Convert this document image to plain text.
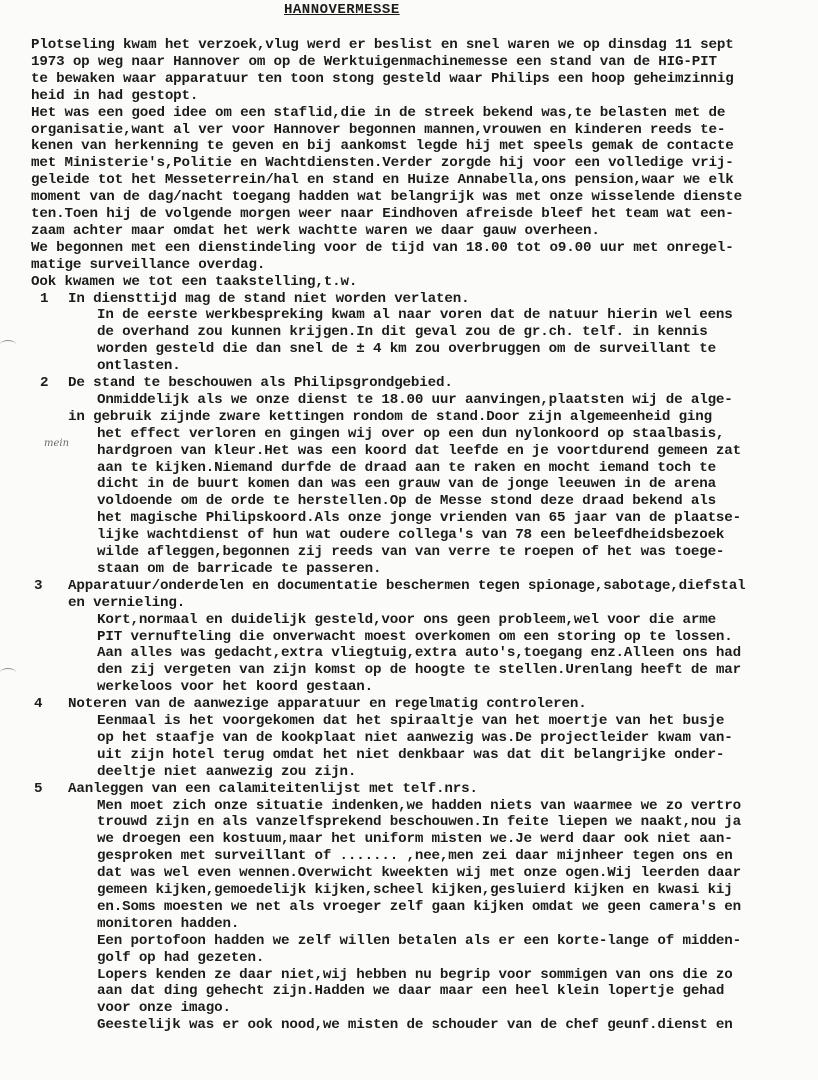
HANNOVERMESSE
mein
Plotseling kwam het verzoek,vlug werd er beslist en snel waren we op dinsdag 11 sept
1973 op weg naar Hannover om op de Werktuigenmachinemesse een stand van de HIG-PIT
te bewaken waar apparatuur ten toon stong gesteld waar Philips een hoop geheimzinnig
heid in had gestopt.
Het was een goed idee om een staflid,die in de streek bekend was,te belasten met de
organisatie,want al ver voor Hannover begonnen mannen,vrouwen en kinderen reeds te-
kenen van herkenning te geven en bij aankomst legde hij met speels gemak de contacte
met Ministerie's,Politie en Wachtdiensten.Verder zorgde hij voor een volledige vrij-
geleide tot het Messeterrein/hal en stand en Huize Annabella,ons pension,waar we elk
moment van de dag/nacht toegang hadden wat belangrijk was met onze wisselende dienste
ten.Toen hij de volgende morgen weer naar Eindhoven afreisde bleef het team wat een-
zaam achter maar omdat het werk wachtte waren we daar gauw overheen.
We begonnen met een dienstindeling voor de tijd van 18.00 tot o9.00 uur met onregel-
matige surveillance overdag.
Ook kwamen we tot een taakstelling,t.w.
In diensttijd mag de stand niet worden verlaten.
In de eerste werkbespreking kwam al naar voren dat de natuur hierin wel eens
de overhand zou kunnen krijgen.In dit geval zou de gr.ch. telf. in kennis
worden gesteld die dan snel de ± 4 km zou overbruggen om de surveillant te
ontlasten.
De stand te beschouwen als Philipsgrondgebied.
Onmiddelijk als we onze dienst te 18.00 uur aanvingen,plaatsten wij de alge-
in gebruik zijnde zware kettingen rondom de stand.Door zijn algemeenheid ging
het effect verloren en gingen wij over op een dun nylonkoord op staalbasis,
hardgroen van kleur.Het was een koord dat leefde en je voortdurend gemeen zat
aan te kijken.Niemand durfde de draad aan te raken en mocht iemand toch te
dicht in de buurt komen dan was een grauw van de jonge leeuwen in de arena
voldoende om de orde te herstellen.Op de Messe stond deze draad bekend als
het magische Philipskoord.Als onze jonge vrienden van 65 jaar van de plaatse-
lijke wachtdienst of hun wat oudere collega's van 78 een beleefdheidsbezoek
wilde afleggen,begonnen zij reeds van van verre te roepen of het was toege-
staan om de barricade te passeren.
Apparatuur/onderdelen en documentatie beschermen tegen spionage,sabotage,diefstal
en vernieling.
Kort,normaal en duidelijk gesteld,voor ons geen probleem,wel voor die arme
PIT vernufteling die onverwacht moest overkomen om een storing op te lossen.
Aan alles was gedacht,extra vliegtuig,extra auto's,toegang enz.Alleen ons had
den zij vergeten van zijn komst op de hoogte te stellen.Urenlang heeft de mar
werkeloos voor het koord gestaan.
Noteren van de aanwezige apparatuur en regelmatig controleren.
Eenmaal is het voorgekomen dat het spiraaltje van het moertje van het busje
op het staafje van de kookplaat niet aanwezig was.De projectleider kwam van-
uit zijn hotel terug omdat het niet denkbaar was dat dit belangrijke onder-
deeltje niet aanwezig zou zijn.
Aanleggen van een calamiteitenlijst met telf.nrs.
Men moet zich onze situatie indenken,we hadden niets van waarmee we zo vertro
trouwd zijn en als vanzelfsprekend beschouwen.In feite liepen we naakt,nou ja
we droegen een kostuum,maar het uniform misten we.Je werd daar ook niet aan-
gesproken met surveillant of ....... ,nee,men zei daar mijnheer tegen ons en
dat was wel even wennen.Overwicht kweekten wij met onze ogen.Wij leerden daar
gemeen kijken,gemoedelijk kijken,scheel kijken,gesluierd kijken en kwasi kij
en.Soms moesten we net als vroeger zelf gaan kijken omdat we geen camera's en
monitoren hadden.
Een portofoon hadden we zelf willen betalen als er een korte-lange of midden-
golf op had gezeten.
Lopers kenden ze daar niet,wij hebben nu begrip voor sommigen van ons die zo
aan dat ding gehecht zijn.Hadden we daar maar een heel klein lopertje gehad
voor onze imago.
Geestelijk was er ook nood,we misten de schouder van de chef geunf.dienst en
1
2
3
4
5
